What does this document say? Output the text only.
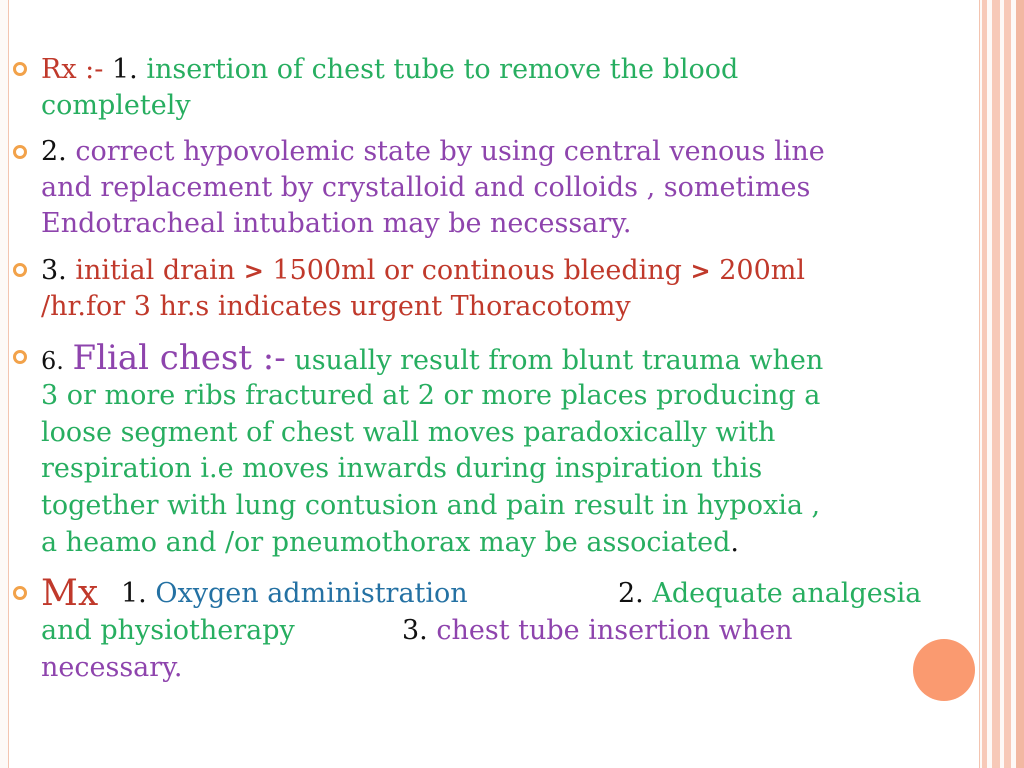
Rx :- 1. insertion of chest tube to remove the blood
completely
2. correct hypovolemic state by using central venous line
and replacement by crystalloid and colloids , sometimes
Endotracheal intubation may be necessary.
3. initial drain > 1500ml or continous bleeding > 200ml
/hr.for 3 hr.s indicates urgent Thoracotomy
6. Flial chest :- usually result from blunt trauma when
3 or more ribs fractured at 2 or more places producing a
loose segment of chest wall moves paradoxically with
respiration i.e moves inwards during inspiration this
together with lung contusion and pain result in hypoxia ,
a heamo and /or pneumothorax may be associated.
Mx 1. Oxygen administration	2. Adequate analgesia
and physiotherapy	3. chest tube insertion when
necessary.
